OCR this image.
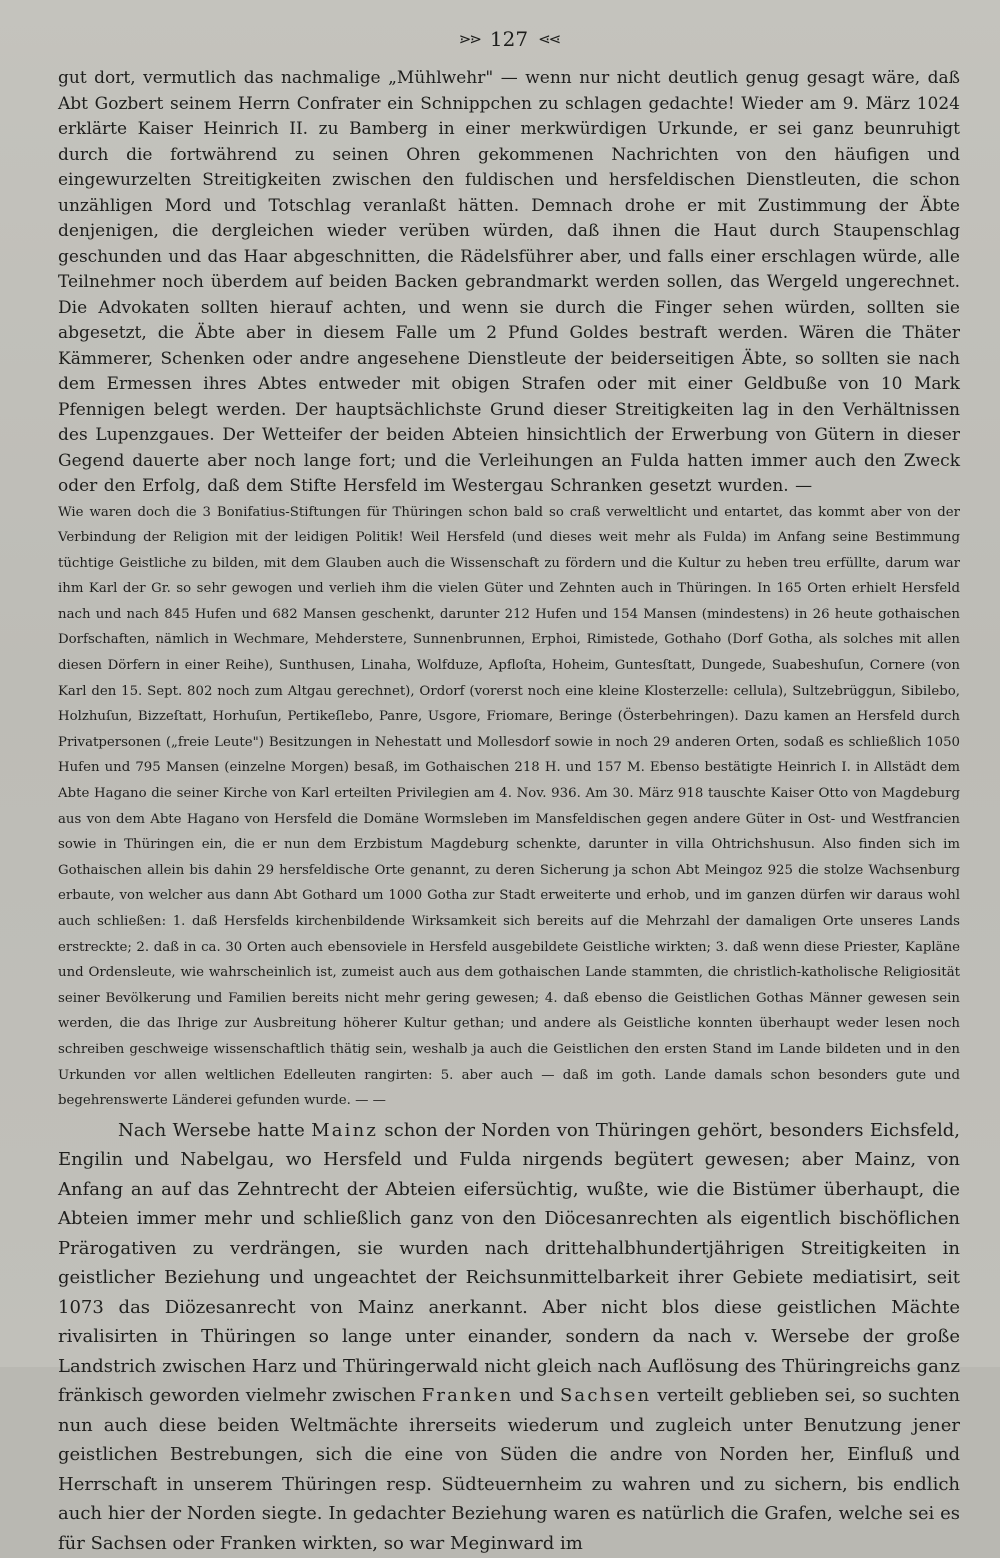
⋗⋗ 127 ⋖⋖

gut dort, vermutlich das nachmalige „Mühlwehr" — wenn nur nicht deutlich genug gesagt wäre, daß Abt Gozbert seinem Herrn Confrater ein Schnippchen zu schlagen gedachte! Wieder am 9. März 1024 erklärte Kaiser Heinrich II. zu Bamberg in einer merkwürdigen Urkunde, er sei ganz beunruhigt durch die fortwährend zu seinen Ohren gekommenen Nachrichten von den häufigen und eingewurzelten Streitigkeiten zwischen den fuldischen und hersfeldischen Dienstleuten, die schon unzähligen Mord und Totschlag veranlaßt hätten. Demnach drohe er mit Zustimmung der Äbte denjenigen, die dergleichen wieder verüben würden, daß ihnen die Haut durch Staupenschlag geschunden und das Haar abgeschnitten, die Rädelsführer aber, und falls einer erschlagen würde, alle Teilnehmer noch überdem auf beiden Backen gebrandmarkt werden sollen, das Wergeld ungerechnet. Die Advokaten sollten hierauf achten, und wenn sie durch die Finger sehen würden, sollten sie abgesetzt, die Äbte aber in diesem Falle um 2 Pfund Goldes bestraft werden. Wären die Thäter Kämmerer, Schenken oder andre angesehene Dienstleute der beiderseitigen Äbte, so sollten sie nach dem Ermessen ihres Abtes entweder mit obigen Strafen oder mit einer Geldbuße von 10 Mark Pfennigen belegt werden. Der hauptsächlichste Grund dieser Streitigkeiten lag in den Verhältnissen des Lupenzgaues. Der Wetteifer der beiden Abteien hinsichtlich der Erwerbung von Gütern in dieser Gegend dauerte aber noch lange fort; und die Verleihungen an Fulda hatten immer auch den Zweck oder den Erfolg, daß dem Stifte Hersfeld im Westergau Schranken gesetzt wurden. —

Wie waren doch die 3 Bonifatius-Stiftungen für Thüringen schon bald so craß verweltlicht und entartet, das kommt aber von der Verbindung der Religion mit der leidigen Politik! Weil Hersfeld (und dieses weit mehr als Fulda) im Anfang seine Bestimmung tüchtige Geistliche zu bilden, mit dem Glauben auch die Wissenschaft zu fördern und die Kultur zu heben treu erfüllte, darum war ihm Karl der Gr. so sehr gewogen und verlieh ihm die vielen Güter und Zehnten auch in Thüringen. In 165 Orten erhielt Hersfeld nach und nach 845 Hufen und 682 Mansen geschenkt, darunter 212 Hufen und 154 Mansen (mindestens) in 26 heute gothaischen Dorfschaften, nämlich in Wechmare, Mehdersteте, Sunnenbrunnen, Erphoi, Rimistede, Gothaho (Dorf Gotha, als solches mit allen diesen Dörfern in einer Reihe), Sunthusen, Linaha, Wolfduze, Apfloſta, Hoheim, Guntesſtatt, Dungede, Suabeshuſun, Cornere (von Karl den 15. Sept. 802 noch zum Altgau gerechnet), Ordorf (vorerst noch eine kleine Klosterzelle: cellula), Sultzebrüggun, Sibilebo, Holzhuſun, Bizzeſtatt, Horhuſun, Pertikeſlebo, Panre, Usgore, Friomare, Beringe (Österbehringen). Dazu kamen an Hersfeld durch Privatpersonen („freie Leute") Besitzungen in Nehestatt und Mollesdorf sowie in noch 29 anderen Orten, sodaß es schließlich 1050 Hufen und 795 Mansen (einzelne Morgen) besaß, im Gothaischen 218 H. und 157 M. Ebenso bestätigte Heinrich I. in Allstädt dem Abte Hagano die seiner Kirche von Karl erteilten Privilegien am 4. Nov. 936. Am 30. März 918 tauschte Kaiser Otto von Magdeburg aus von dem Abte Hagano von Hersfeld die Domäne Wormsleben im Mansfeldischen gegen andere Güter in Ost- und Westfrancien sowie in Thüringen ein, die er nun dem Erzbistum Magdeburg schenkte, darunter in villa Ohtrichshusun. Also finden sich im Gothaischen allein bis dahin 29 hersfeldische Orte genannt, zu deren Sicherung ja schon Abt Meingoz 925 die stolze Wachsenburg erbaute, von welcher aus dann Abt Gothard um 1000 Gotha zur Stadt erweiterte und erhob, und im ganzen dürfen wir daraus wohl auch schließen: 1. daß Hersfelds kirchenbildende Wirksamkeit sich bereits auf die Mehrzahl der damaligen Orte unseres Lands erstreckte; 2. daß in ca. 30 Orten auch ebensoviele in Hersfeld ausgebildete Geistliche wirkten; 3. daß wenn diese Priester, Kapläne und Ordensleute, wie wahrscheinlich ist, zumeist auch aus dem gothaischen Lande stammten, die christlich-katholische Religiosität seiner Bevölkerung und Familien bereits nicht mehr gering gewesen; 4. daß ebenso die Geistlichen Gothas Männer gewesen sein werden, die das Ihrige zur Ausbreitung höherer Kultur gethan; und andere als Geistliche konnten überhaupt weder lesen noch schreiben geschweige wissenschaftlich thätig sein, weshalb ja auch die Geistlichen den ersten Stand im Lande bildeten und in den Urkunden vor allen weltlichen Edelleuten rangirten: 5. aber auch — daß im goth. Lande damals schon besonders gute und begehrenswerte Länderei gefunden wurde. — —

Nach Wersebe hatte Mainz schon der Norden von Thüringen gehört, besonders Eichsfeld, Engilin und Nabelgau, wo Hersfeld und Fulda nirgends begütert gewesen; aber Mainz, von Anfang an auf das Zehntrecht der Abteien eifersüchtig, wußte, wie die Bistümer überhaupt, die Abteien immer mehr und schließlich ganz von den Diöcesanrechten als eigentlich bischöflichen Prärogativen zu verdrängen, sie wurden nach drittehalbhundertjährigen Streitigkeiten in geistlicher Beziehung und ungeachtet der Reichsunmittelbarkeit ihrer Gebiete mediatisirt, seit 1073 das Diözesanrecht von Mainz anerkannt. Aber nicht blos diese geistlichen Mächte rivalisirten in Thüringen so lange unter einander, sondern da nach v. Wersebe der große Landstrich zwischen Harz und Thüringerwald nicht gleich nach Auflösung des Thüringreichs ganz fränkisch geworden vielmehr zwischen Franken und Sachsen verteilt geblieben sei, so suchten nun auch diese beiden Weltmächte ihrerseits wiederum und zugleich unter Benutzung jener geistlichen Bestrebungen, sich die eine von Süden die andre von Norden her, Einfluß und Herrschaft in unserem Thüringen resp. Südteuernheim zu wahren und zu sichern, bis endlich auch hier der Norden siegte. In gedachter Beziehung waren es natürlich die Grafen, welche sei es für Sachsen oder Franken wirkten, so war Meginward im
